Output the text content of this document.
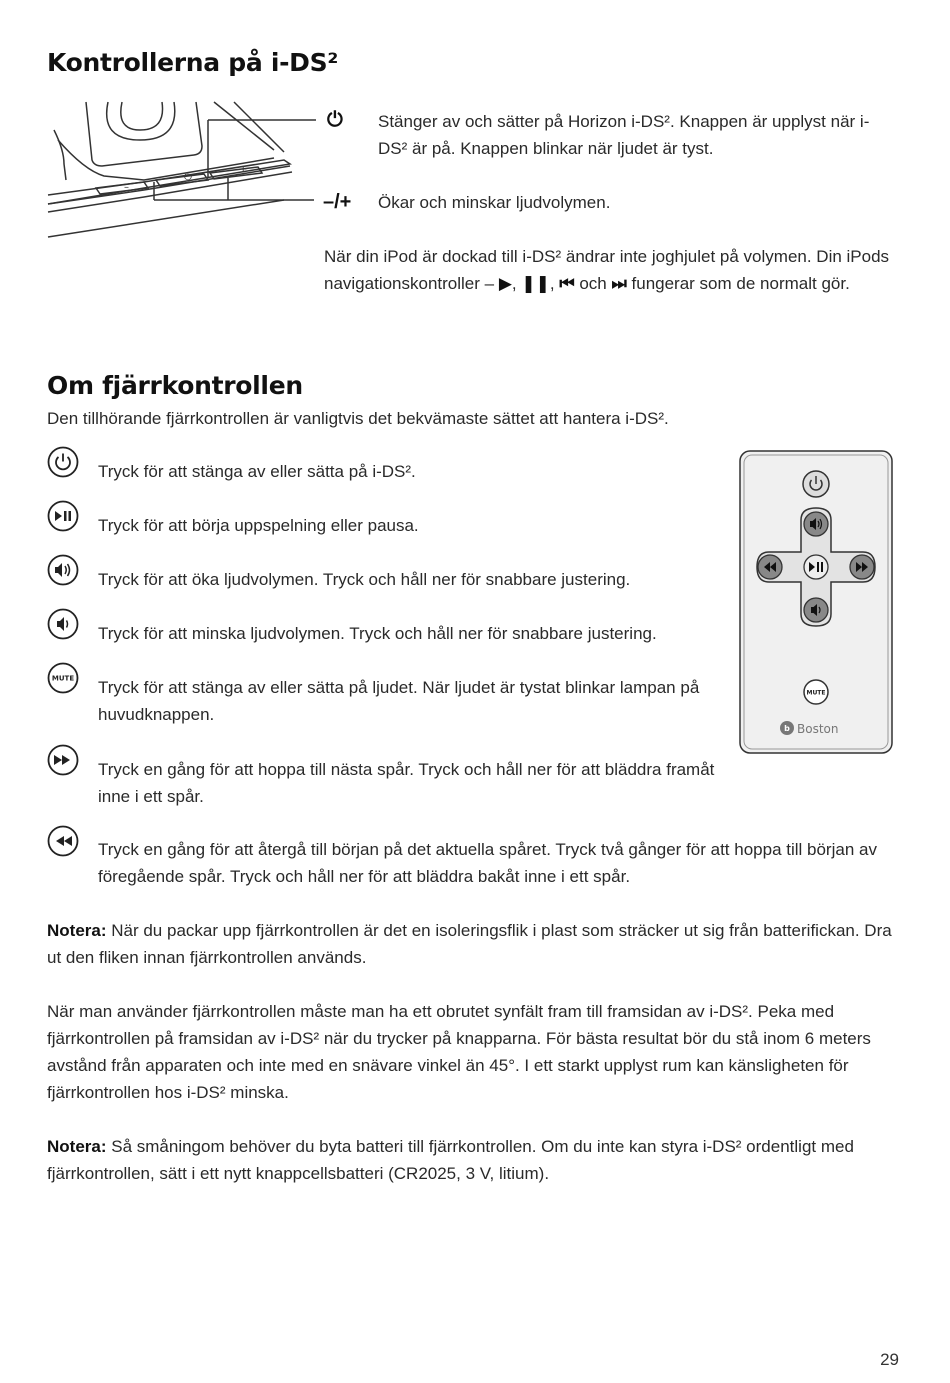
Kontrollerna på i-DS²
–
⏻
+
⏻ Stänger av och sätter på Horizon i-DS². Knappen är upplyst när i-DS² är på. Knappen blinkar när ljudet är tyst.

–/+ Ökar och minskar ljudvolymen.

När din iPod är dockad till i-DS² ändrar inte joghjulet på volymen. Din iPods navigationskontroller – ▶, ❚❚, ⏮ och ⏭ fungerar som de normalt gör.

Om fjärrkontrollen

Den tillhörande fjärrkontrollen är vanligtvis det bekvämaste sättet att hantera i-DS².

MUTE

Tryck för att stänga av eller sätta på i-DS².

Tryck för att börja uppspelning eller pausa.

Tryck för att öka ljudvolymen. Tryck och håll ner för snabbare justering.

Tryck för att minska ljudvolymen. Tryck och håll ner för snabbare justering.

Tryck för att stänga av eller sätta på ljudet. När ljudet är tystat blinkar lampan på huvudknappen.

Tryck en gång för att hoppa till nästa spår. Tryck och håll ner för att bläddra framåt inne i ett spår.

Tryck en gång för att återgå till början på det aktuella spåret. Tryck två gånger för att hoppa till början av föregående spår. Tryck och håll ner för att bläddra bakåt inne i ett spår.

MUTE
b Boston

Notera: När du packar upp fjärrkontrollen är det en isoleringsflik i plast som sträcker ut sig från batterifickan. Dra ut den fliken innan fjärrkontrollen används.

När man använder fjärrkontrollen måste man ha ett obrutet synfält fram till framsidan av i-DS². Peka med fjärrkontrollen på framsidan av i-DS² när du trycker på knapparna. För bästa resultat bör du stå inom 6 meters avstånd från apparaten och inte med en snävare vinkel än 45°. I ett starkt upplyst rum kan känsligheten för fjärrkontrollen hos i-DS² minska.

Notera: Så småningom behöver du byta batteri till fjärrkontrollen. Om du inte kan styra i-DS² ordentligt med fjärrkontrollen, sätt i ett nytt knappcellsbatteri (CR2025, 3 V, litium).

29
